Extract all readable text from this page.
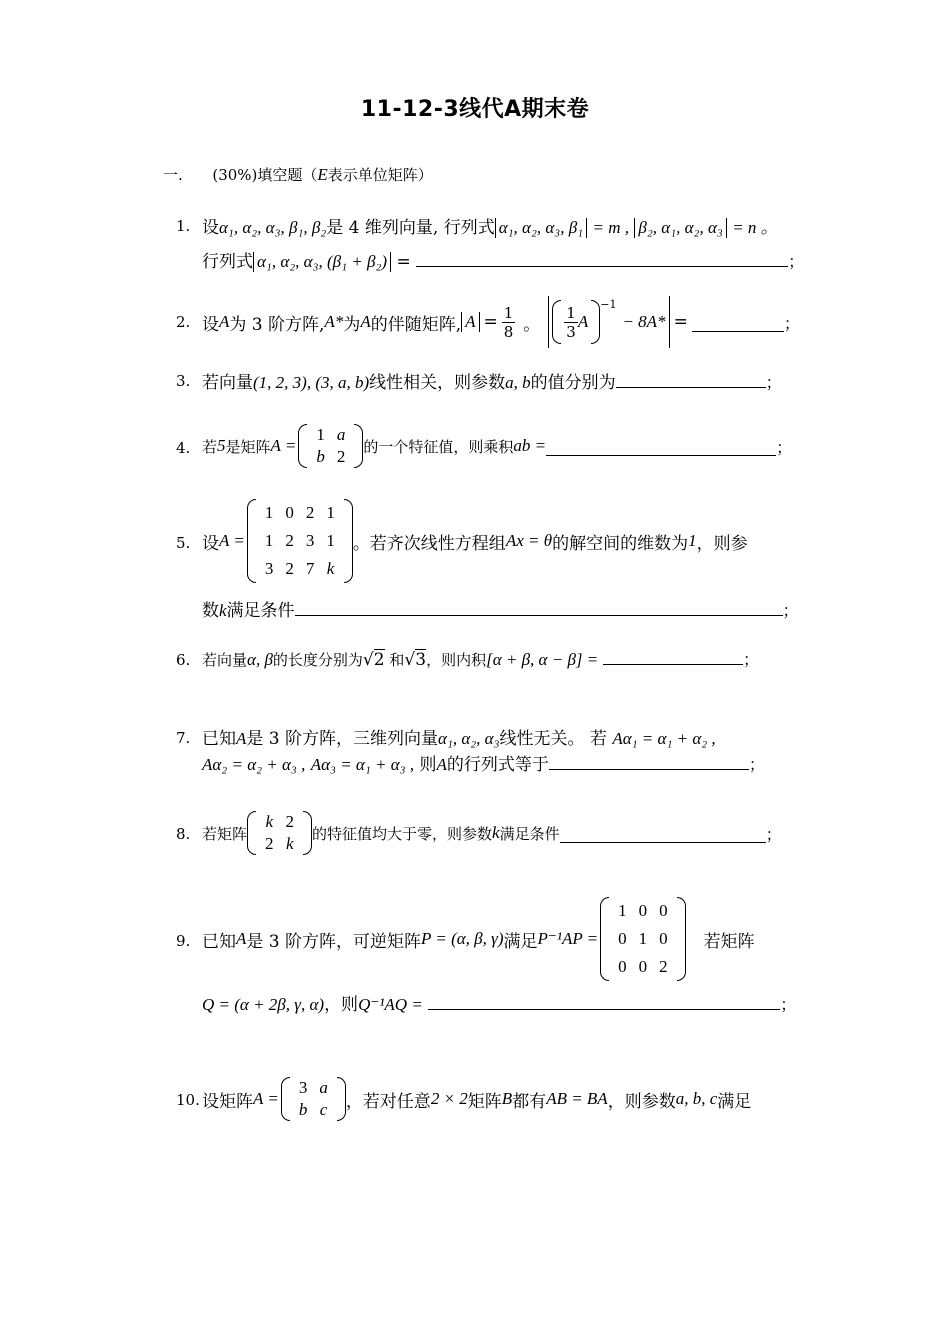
11-12-3线代A期末卷
一. (30%)填空题（E表示单位矩阵）
1. 设α₁, α₂, α₃, β₁, β₂是 4 维列向量, 行列式 α₁, α₂, α₃, β₁ = m , β₂, α₁, α₂, α₃ = n 。
行列式 α₁, α₂, α₃, (β₁ + β₂) =	；
2. 设 A 为 3 阶方阵, A* 为 A 的伴随矩阵, $A = \frac{1}{8}$ 。 $\frac{1}{3}$ A
$^{-1}$
− 8A* =	；
3. 若向量(1, 2, 3), (3, a, b)线性相关，则参数a, b的值分别为	；
4. 若 5 是矩阵 A =
1	a
b	2
的一个特征值，则乘积 ab =	；
5. 设 A =
1	0	2	1
1	2	3	1
3	2	7	k
。若齐次线性方程组 Ax = θ 的解空间的维数为 1 ，则参
数k满足条件	；
6. 若向量α, β的长度分别为√2 和√3，则内积[α + β, α − β] =	；
7. 已知A是 3 阶方阵，三维列向量α₁, α₂, α₃线性无关。 若 Aα₁ = α₁ + α₂ ,
Aα₂ = α₂ + α₃ , Aα₃ = α₁ + α₃ , 则A的行列式等于	；
8. 若矩阵
k	2
2	k
的特征值均大于零，则参数 k 满足条件	；
9. 已知 A 是 3 阶方阵，可逆矩阵 P = (α, β, γ) 满足 P⁻¹AP =
1	0	0
0	1	0
0	0	2
若矩阵
Q = (α + 2β, γ, α)，则Q⁻¹AQ =	；
10. 设矩阵 A =
3	a
b	c ，若对任意 2 × 2 矩阵 B 都有 AB = BA ，则参数 a, b, c 满足
